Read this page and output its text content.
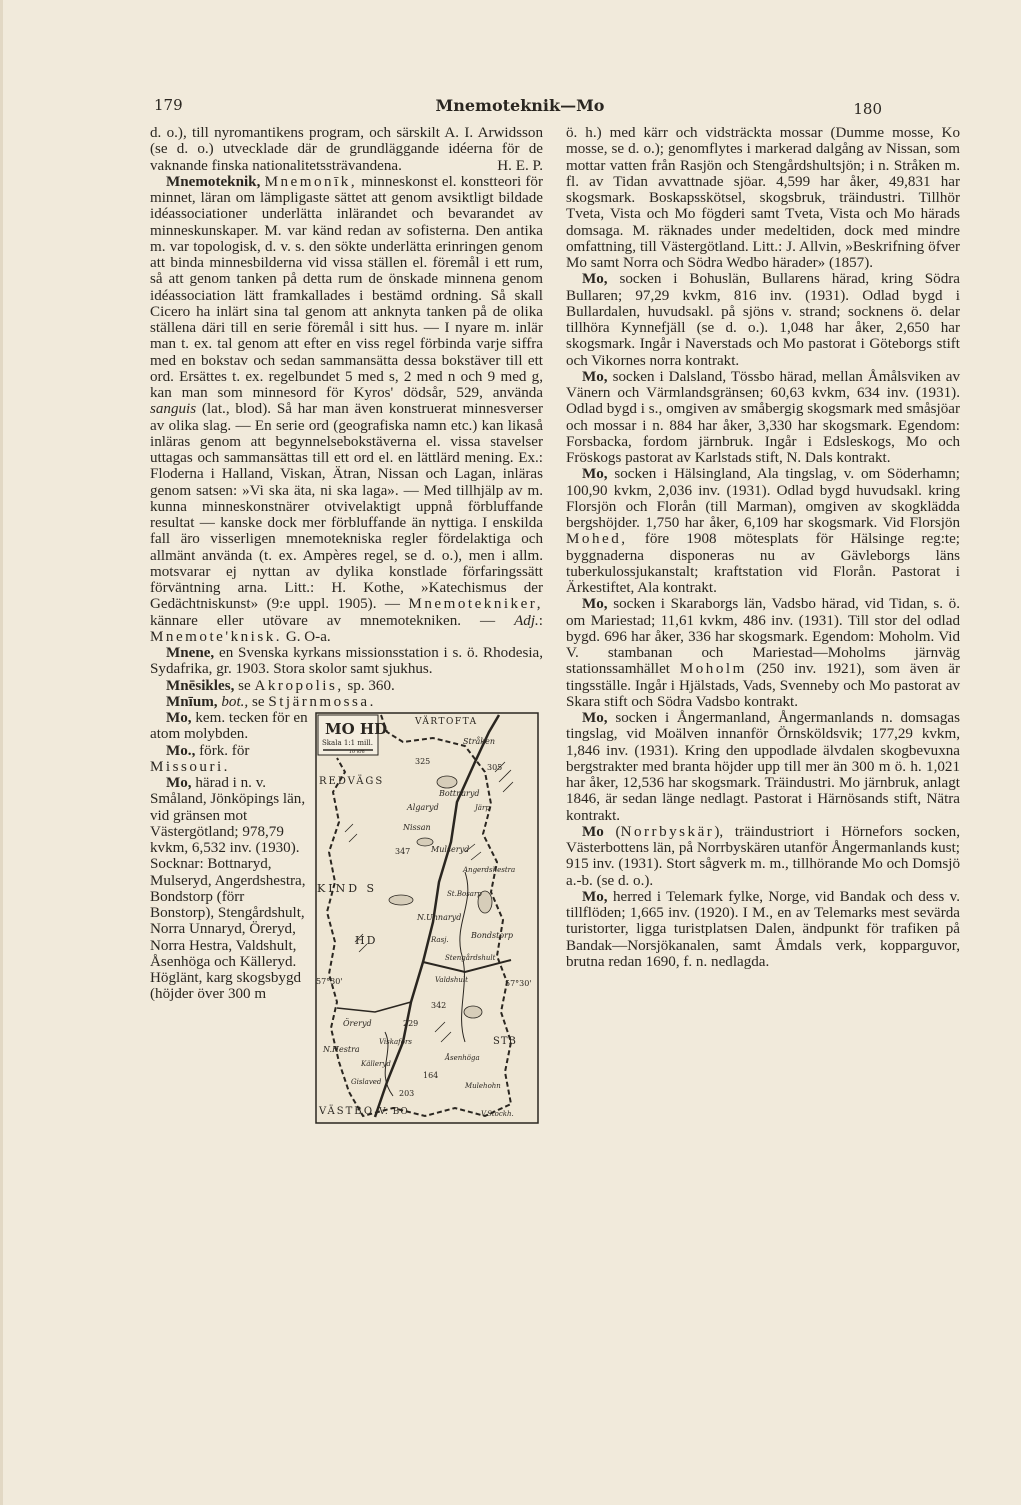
179	Mnemoteknik—Mo	180

d. o.), till nyromantikens program, och särskilt A. I. Arwidsson (se d. o.) utvecklade där de grundläggande idéerna för de vaknande finska nationalitetssträvandena.	H. E. P.

Mnemoteknik, Mnemonīk, minneskonst el. konstteori för minnet, läran om lämpligaste sättet att genom avsiktligt bildade idéassociationer underlätta inlärandet och bevarandet av minneskunskaper. M. var känd redan av sofisterna. Den antika m. var topologisk, d. v. s. den sökte underlätta erinringen genom att binda minnesbilderna vid vissa ställen el. föremål i ett rum, så att genom tanken på detta rum de önskade minnena genom idéassociation lätt framkallades i bestämd ordning. Så skall Cicero ha inlärt sina tal genom att anknyta tanken på de olika ställena däri till en serie föremål i sitt hus. — I nyare m. inlär man t. ex. tal genom att efter en viss regel förbinda varje siffra med en bokstav och sedan sammansätta dessa bokstäver till ett ord. Ersättes t. ex. regelbundet 5 med s, 2 med n och 9 med g, kan man som minnesord för Kyros' dödsår, 529, använda sanguis (lat., blod). Så har man även konstruerat minnesverser av olika slag. — En serie ord (geografiska namn etc.) kan likaså inläras genom att begynnelsebokstäverna el. vissa stavelser uttagas och sammansättas till ett ord el. en lättlärd mening. Ex.: Floderna i Halland, Viskan, Ätran, Nissan och Lagan, inläras genom satsen: »Vi ska äta, ni ska laga». — Med tillhjälp av m. kunna minneskonstnärer otvivelaktigt uppnå förbluffande resultat — kanske dock mer förbluffande än nyttiga. I enskilda fall äro visserligen mnemotekniska regler fördelaktiga och allmänt använda (t. ex. Ampères regel, se d. o.), men i allm. motsvarar ej nyttan av dylika konstlade förfaringssätt förväntning arna. Litt.: H. Kothe, »Katechismus der Gedächtniskunst» (9:e uppl. 1905). — Mnemotekniker, kännare eller utövare av mnemotekniken. — Adj.: Mnemote'knisk. G. O-a.

Mnene, en Svenska kyrkans missionsstation i s. ö. Rhodesia, Sydafrika, gr. 1903. Stora skolor samt sjukhus.

Mnēsikles, se Akropolis, sp. 360.

Mnīum, bot., se Stjärnmossa.

Mo, kem. tecken för en atom molybden.

Mo., förk. för Missouri.

Mo, härad i n. v. Småland, Jönköpings län, vid gränsen mot Västergötland; 978,79 kvkm, 6,532 inv. (1930). Socknar: Bottnaryd, Mulseryd, Angerdshestra, Bondstorp (förr Bonstorp), Stengårdshult, Norra Unnaryd, Öreryd, Norra Hestra, Valdshult, Åsenhöga och Källeryd. Höglänt, karg skogsbygd (höjder över 300 m

MO HD
Skala 1:1 mill.
10 km
VÄRTOFTA
Stråken
325
305
REDVÄGS
Bottnaryd
Algaryd	Järp
Nissan
347	Mulseryd
Angerdshestra
KIND S	St.Bosarp
N.Unnaryd
HD	Rasj.	Bondstorp
Stengårdshult
57°30'	Valdshult	57°30'
342
Öreryd	229
N.Hestra
Viskafors	STB
Källeryd
Åsenhöga
164
Gislaved	Mulehohn
203
VÄSTBO V. BO	V.Stockh.

ö. h.) med kärr och vidsträckta mossar (Dumme mosse, Ko mosse, se d. o.); genomflytes i markerad dalgång av Nissan, som mottar vatten från Rasjön och Stengårdshultsjön; i n. Stråken m. fl. av Tidan avvattnade sjöar. 4,599 har åker, 49,831 har skogsmark. Boskapsskötsel, skogsbruk, träindustri. Tillhör Tveta, Vista och Mo fögderi samt Tveta, Vista och Mo härads domsaga. M. räknades under medeltiden, dock med mindre omfattning, till Västergötland. Litt.: J. Allvin, »Beskrifning öfver Mo samt Norra och Södra Wedbo härader» (1857).

Mo, socken i Bohuslän, Bullarens härad, kring Södra Bullaren; 97,29 kvkm, 816 inv. (1931). Odlad bygd i Bullardalen, huvudsakl. på sjöns v. strand; socknens ö. delar tillhöra Kynnefjäll (se d. o.). 1,048 har åker, 2,650 har skogsmark. Ingår i Naverstads och Mo pastorat i Göteborgs stift och Vikornes norra kontrakt.

Mo, socken i Dalsland, Tössbo härad, mellan Åmålsviken av Vänern och Värmlandsgränsen; 60,63 kvkm, 634 inv. (1931). Odlad bygd i s., omgiven av småbergig skogsmark med småsjöar och mossar i n. 884 har åker, 3,330 har skogsmark. Egendom: Forsbacka, fordom järnbruk. Ingår i Edsleskogs, Mo och Fröskogs pastorat av Karlstads stift, N. Dals kontrakt.

Mo, socken i Hälsingland, Ala tingslag, v. om Söderhamn; 100,90 kvkm, 2,036 inv. (1931). Odlad bygd huvudsakl. kring Florsjön och Florån (till Marman), omgiven av skogklädda bergshöjder. 1,750 har åker, 6,109 har skogsmark. Vid Florsjön Mohed, före 1908 mötesplats för Hälsinge reg:te; byggnaderna disponeras nu av Gävleborgs läns tuberkulossjukanstalt; kraftstation vid Florån. Pastorat i Ärkestiftet, Ala kontrakt.

Mo, socken i Skaraborgs län, Vadsbo härad, vid Tidan, s. ö. om Mariestad; 11,61 kvkm, 486 inv. (1931). Till stor del odlad bygd. 696 har åker, 336 har skogsmark. Egendom: Moholm. Vid V. stambanan och Mariestad—Moholms järnväg stationssamhället Moholm (250 inv. 1921), som även är tingsställe. Ingår i Hjälstads, Vads, Svenneby och Mo pastorat av Skara stift och Södra Vadsbo kontrakt.

Mo, socken i Ångermanland, Ångermanlands n. domsagas tingslag, vid Moälven innanför Örnsköldsvik; 177,29 kvkm, 1,846 inv. (1931). Kring den uppodlade älvdalen skogbevuxna bergstrakter med branta höjder upp till mer än 300 m ö. h. 1,021 har åker, 12,536 har skogsmark. Träindustri. Mo järnbruk, anlagt 1846, är sedan länge nedlagt. Pastorat i Härnösands stift, Nätra kontrakt.

Mo (Norrbyskär), träindustriort i Hörnefors socken, Västerbottens län, på Norrbyskären utanför Ångermanlands kust; 915 inv. (1931). Stort sågverk m. m., tillhörande Mo och Domsjö a.-b. (se d. o.).

Mo, herred i Telemark fylke, Norge, vid Bandak och dess v. tillflöden; 1,665 inv. (1920). I M., en av Telemarks mest sevärda turistorter, ligga turistplatsen Dalen, ändpunkt för trafiken på Bandak—Norsjökanalen, samt Åmdals verk, kopparguvor, brutna redan 1690, f. n. nedlagda.
